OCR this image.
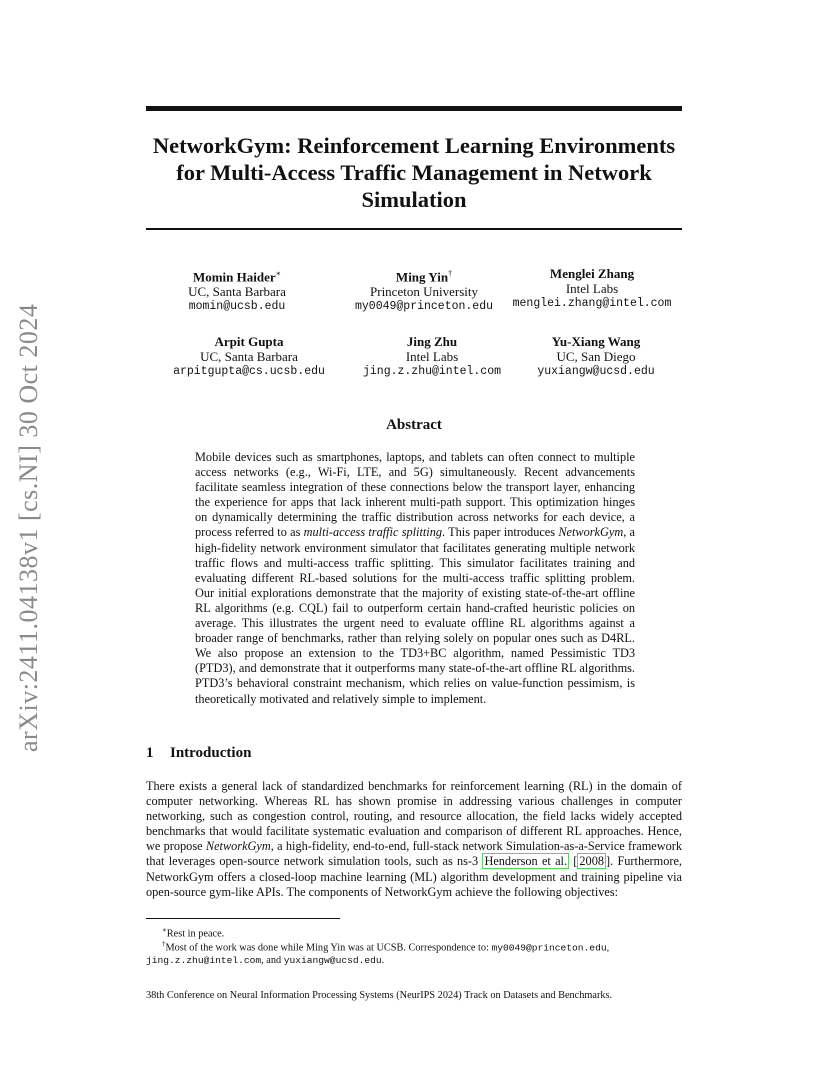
arXiv:2411.04138v1 [cs.NI] 30 Oct 2024
NetworkGym: Reinforcement Learning Environments for Multi-Access Traffic Management in Network Simulation
Momin Haider∗
UC, Santa Barbara
momin@ucsb.edu
Ming Yin†
Princeton University
my0049@princeton.edu
Menglei Zhang
Intel Labs
menglei.zhang@intel.com
Arpit Gupta
UC, Santa Barbara
arpitgupta@cs.ucsb.edu
Jing Zhu
Intel Labs
jing.z.zhu@intel.com
Yu-Xiang Wang
UC, San Diego
yuxiangw@ucsd.edu
Abstract
Mobile devices such as smartphones, laptops, and tablets can often connect to multiple access networks (e.g., Wi-Fi, LTE, and 5G) simultaneously. Recent advancements facilitate seamless integration of these connections below the transport layer, enhancing the experience for apps that lack inherent multi-path support. This optimization hinges on dynamically determining the traffic distribution across networks for each device, a process referred to as multi-access traffic splitting. This paper introduces NetworkGym, a high-fidelity network environment simulator that facilitates generating multiple network traffic flows and multi-access traffic splitting. This simulator facilitates training and evaluating different RL-based solutions for the multi-access traffic splitting problem. Our initial explorations demonstrate that the majority of existing state-of-the-art offline RL algorithms (e.g. CQL) fail to outperform certain hand-crafted heuristic policies on average. This illustrates the urgent need to evaluate offline RL algorithms against a broader range of benchmarks, rather than relying solely on popular ones such as D4RL. We also propose an extension to the TD3+BC algorithm, named Pessimistic TD3 (PTD3), and demonstrate that it outperforms many state-of-the-art offline RL algorithms. PTD3’s behavioral constraint mechanism, which relies on value-function pessimism, is theoretically motivated and relatively simple to implement.
1 Introduction
There exists a general lack of standardized benchmarks for reinforcement learning (RL) in the domain of computer networking. Whereas RL has shown promise in addressing various challenges in computer networking, such as congestion control, routing, and resource allocation, the field lacks widely accepted benchmarks that would facilitate systematic evaluation and comparison of different RL approaches. Hence, we propose NetworkGym, a high-fidelity, end-to-end, full-stack network Simulation-as-a-Service framework that leverages open-source network simulation tools, such as ns-3 Henderson et al. [ 2008 ]. Furthermore, NetworkGym offers a closed-loop machine learning (ML) algorithm development and training pipeline via open-source gym-like APIs. The components of NetworkGym achieve the following objectives:
∗Rest in peace.
†Most of the work was done while Ming Yin was at UCSB. Correspondence to: my0049@princeton.edu, jing.z.zhu@intel.com, and yuxiangw@ucsd.edu.
38th Conference on Neural Information Processing Systems (NeurIPS 2024) Track on Datasets and Benchmarks.
